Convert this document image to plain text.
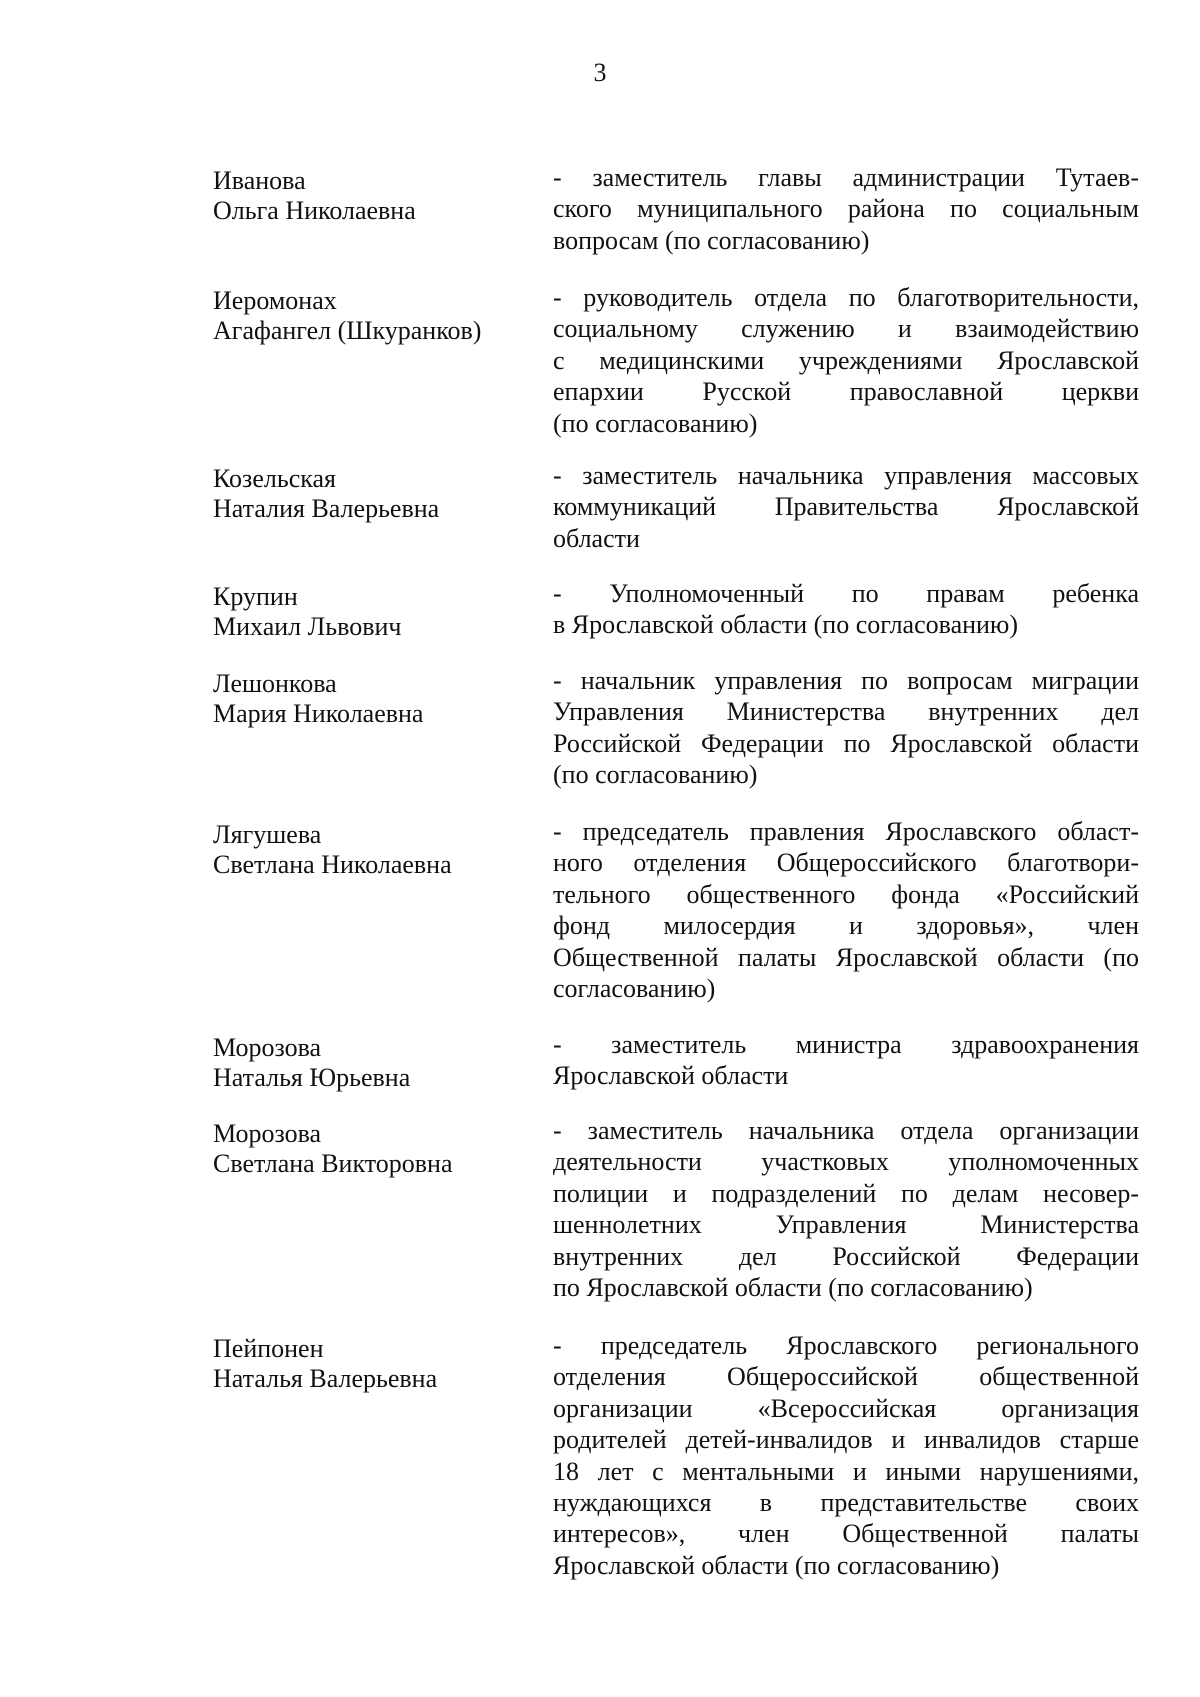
3
Иванова
Ольга Николаевна
- заместитель главы администрации Тутаев-
ского муниципального района по социальным
вопросам (по согласованию)
Иеромонах
Агафангел (Шкуранков)
- руководитель отдела по благотворительности,
социальному служению и взаимодействию
с медицинскими учреждениями Ярославской
епархии Русской православной церкви
(по согласованию)
Козельская
Наталия Валерьевна
- заместитель начальника управления массовых
коммуникаций Правительства Ярославской
области
Крупин
Михаил Львович
- Уполномоченный по правам ребенка
в Ярославской области (по согласованию)
Лешонкова
Мария Николаевна
- начальник управления по вопросам миграции
Управления Министерства внутренних дел
Российской Федерации по Ярославской области
(по согласованию)
Лягушева
Светлана Николаевна
- председатель правления Ярославского област-
ного отделения Общероссийского благотвори-
тельного общественного фонда «Российский
фонд милосердия и здоровья», член
Общественной палаты Ярославской области (по
согласованию)
Морозова
Наталья Юрьевна
- заместитель министра здравоохранения
Ярославской области
Морозова
Светлана Викторовна
- заместитель начальника отдела организации
деятельности участковых уполномоченных
полиции и подразделений по делам несовер-
шеннолетних Управления Министерства
внутренних дел Российской Федерации
по Ярославской области (по согласованию)
Пейпонен
Наталья Валерьевна
- председатель Ярославского регионального
отделения Общероссийской общественной
организации «Всероссийская организация
родителей детей-инвалидов и инвалидов старше
18 лет с ментальными и иными нарушениями,
нуждающихся в представительстве своих
интересов», член Общественной палаты
Ярославской области (по согласованию)
